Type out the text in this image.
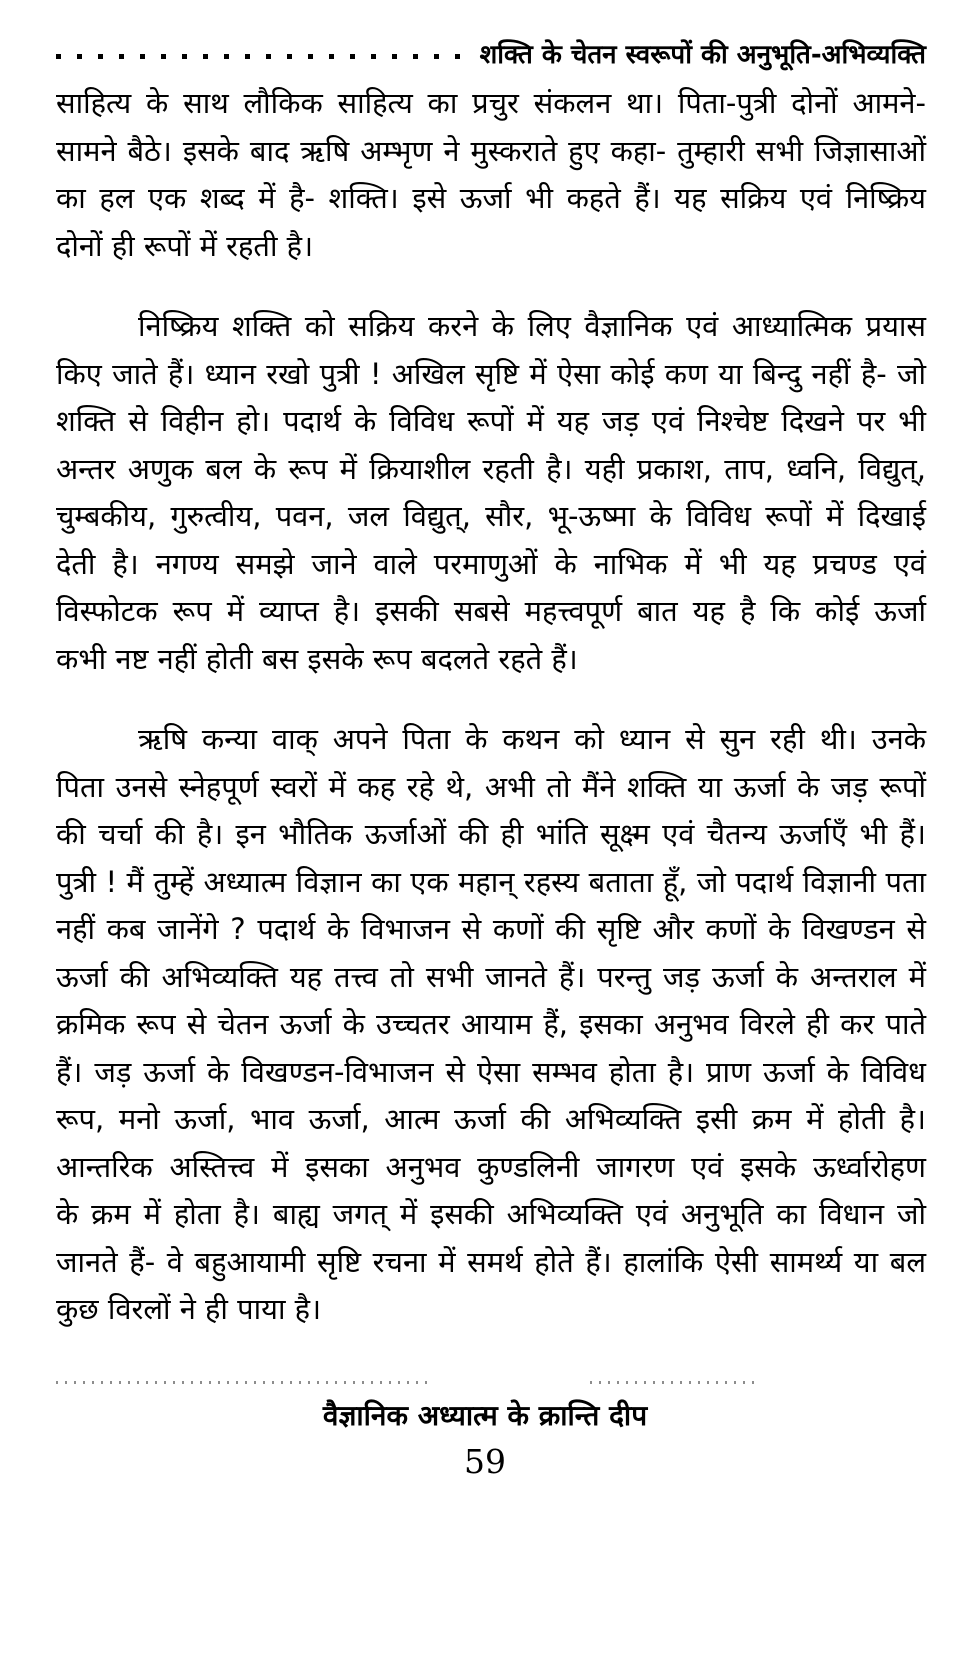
शक्ति के चेतन स्वरूपों की अनुभूति-अभिव्यक्ति
साहित्य के साथ लौकिक साहित्य का प्रचुर संकलन था। पिता-पुत्री दोनों आमने-
सामने बैठे। इसके बाद ऋषि अम्भृण ने मुस्कराते हुए कहा- तुम्हारी सभी जिज्ञासाओं
का हल एक शब्द में है- शक्ति। इसे ऊर्जा भी कहते हैं। यह सक्रिय एवं निष्क्रिय
दोनों ही रूपों में रहती है।
निष्क्रिय शक्ति को सक्रिय करने के लिए वैज्ञानिक एवं आध्यात्मिक प्रयास
किए जाते हैं। ध्यान रखो पुत्री ! अखिल सृष्टि में ऐसा कोई कण या बिन्दु नहीं है- जो
शक्ति से विहीन हो। पदार्थ के विविध रूपों में यह जड़ एवं निश्चेष्ट दिखने पर भी
अन्तर अणुक बल के रूप में क्रियाशील रहती है। यही प्रकाश, ताप, ध्वनि, विद्युत्,
चुम्बकीय, गुरुत्वीय, पवन, जल विद्युत्, सौर, भू-ऊष्मा के विविध रूपों में दिखाई
देती है। नगण्य समझे जाने वाले परमाणुओं के नाभिक में भी यह प्रचण्ड एवं
विस्फोटक रूप में व्याप्त है। इसकी सबसे महत्त्वपूर्ण बात यह है कि कोई ऊर्जा
कभी नष्ट नहीं होती बस इसके रूप बदलते रहते हैं।
ऋषि कन्या वाक् अपने पिता के कथन को ध्यान से सुन रही थी। उनके
पिता उनसे स्नेहपूर्ण स्वरों में कह रहे थे, अभी तो मैंने शक्ति या ऊर्जा के जड़ रूपों
की चर्चा की है। इन भौतिक ऊर्जाओं की ही भांति सूक्ष्म एवं चैतन्य ऊर्जाएँ भी हैं।
पुत्री ! मैं तुम्हें अध्यात्म विज्ञान का एक महान् रहस्य बताता हूँ, जो पदार्थ विज्ञानी पता
नहीं कब जानेंगे ? पदार्थ के विभाजन से कणों की सृष्टि और कणों के विखण्डन से
ऊर्जा की अभिव्यक्ति यह तत्त्व तो सभी जानते हैं। परन्तु जड़ ऊर्जा के अन्तराल में
क्रमिक रूप से चेतन ऊर्जा के उच्चतर आयाम हैं, इसका अनुभव विरले ही कर पाते
हैं। जड़ ऊर्जा के विखण्डन-विभाजन से ऐसा सम्भव होता है। प्राण ऊर्जा के विविध
रूप, मनो ऊर्जा, भाव ऊर्जा, आत्म ऊर्जा की अभिव्यक्ति इसी क्रम में होती है।
आन्तरिक अस्तित्त्व में इसका अनुभव कुण्डलिनी जागरण एवं इसके ऊर्ध्वारोहण
के क्रम में होता है। बाह्य जगत् में इसकी अभिव्यक्ति एवं अनुभूति का विधान जो
जानते हैं- वे बहुआयामी सृष्टि रचना में समर्थ होते हैं। हालांकि ऐसी सामर्थ्य या बल
कुछ विरलों ने ही पाया है।
वैज्ञानिक अध्यात्म के क्रान्ति दीप
59
